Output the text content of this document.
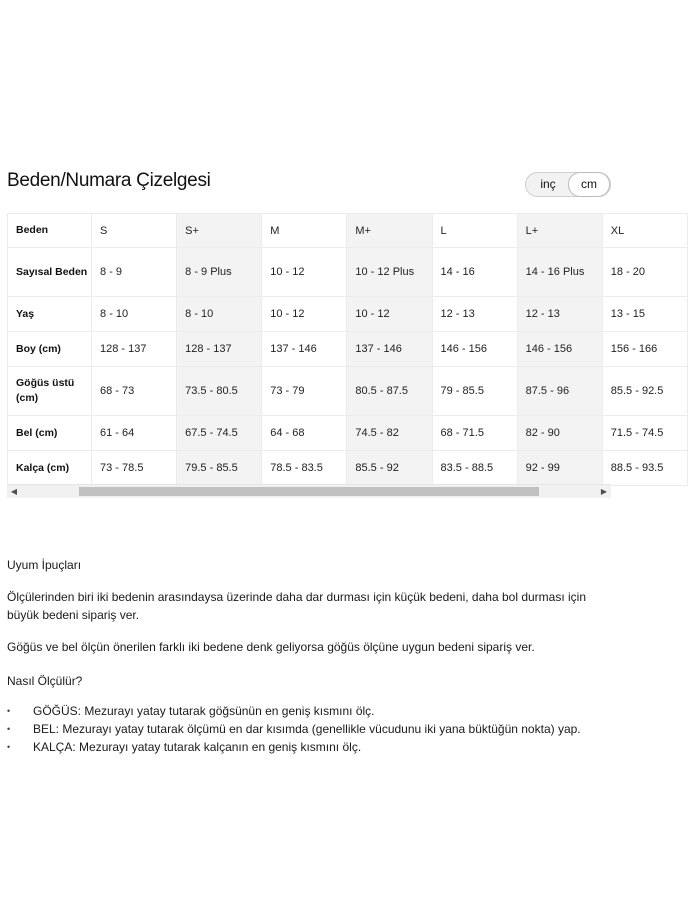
Beden/Numara Çizelgesi	inç	cm
Beden	S	S+	M	M+	L	L+	XL
Sayısal Beden	8 - 9	8 - 9 Plus	10 - 12	10 - 12 Plus	14 - 16	14 - 16 Plus	18 - 20
Yaş	8 - 10	8 - 10	10 - 12	10 - 12	12 - 13	12 - 13	13 - 15
Boy (cm)	128 - 137	128 - 137	137 - 146	137 - 146	146 - 156	146 - 156	156 - 166
Göğüs üstü (cm)	68 - 73	73.5 - 80.5	73 - 79	80.5 - 87.5	79 - 85.5	87.5 - 96	85.5 - 92.5
Bel (cm)	61 - 64	67.5 - 74.5	64 - 68	74.5 - 82	68 - 71.5	82 - 90	71.5 - 74.5
Kalça (cm)	73 - 78.5	79.5 - 85.5	78.5 - 83.5	85.5 - 92	83.5 - 88.5	92 - 99	88.5 - 93.5
◀	▶

Uyum İpuçları

Ölçülerinden biri iki bedenin arasındaysa üzerinde daha dar durması için küçük bedeni, daha bol durması için büyük bedeni sipariş ver.

Göğüs ve bel ölçün önerilen farklı iki bedene denk geliyorsa göğüs ölçüne uygun bedeni sipariş ver.

Nasıl Ölçülür?

• GÖĞÜS: Mezurayı yatay tutarak göğsünün en geniş kısmını ölç.
• BEL: Mezurayı yatay tutarak ölçümü en dar kısımda (genellikle vücudunu iki yana büktüğün nokta) yap.
• KALÇA: Mezurayı yatay tutarak kalçanın en geniş kısmını ölç.
